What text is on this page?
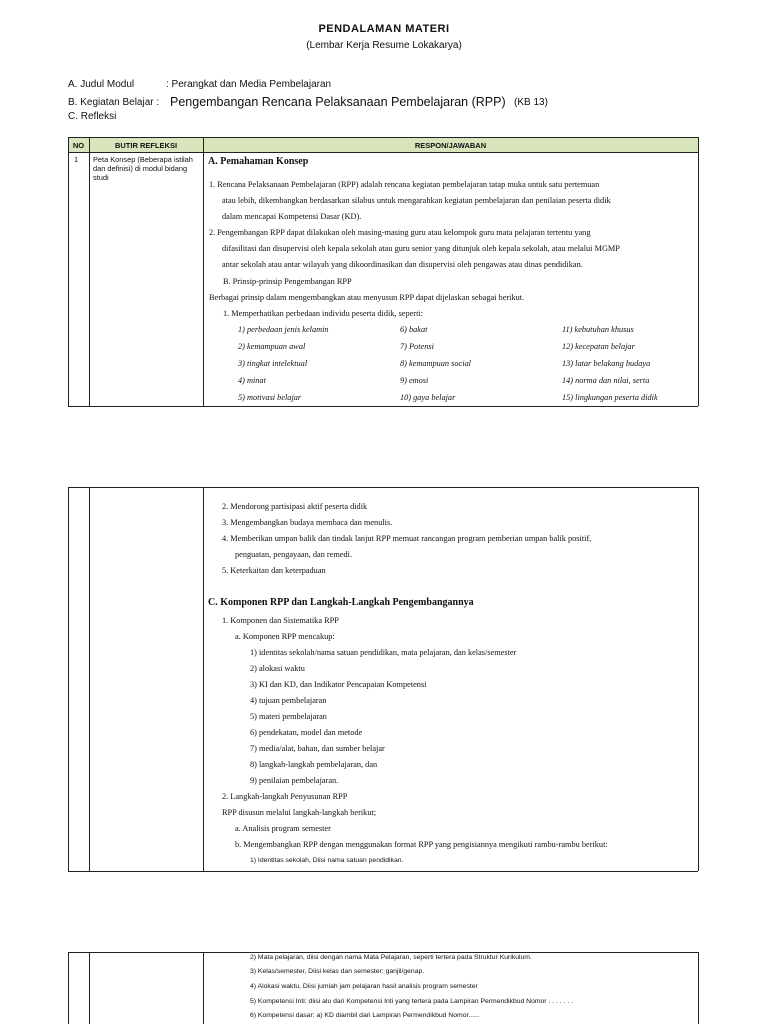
PENDALAMAN MATERI
(Lembar Kerja Resume Lokakarya)
A. Judul Modul	: Perangkat dan Media Pembelajaran
B. Kegiatan Belajar : Pengembangan Rencana Pelaksanaan Pembelajaran (RPP) (KB 13)
C. Refleksi
NO	BUTIR REFLEKSI	RESPON/JAWABAN
1 Peta Konsep (Beberapa istilah dan definisi) di modul bidang studi
A. Pemahaman Konsep
1. Rencana Pelaksanaan Pembelajaran (RPP) adalah rencana kegiatan pembelajaran tatap muka untuk satu pertemuan
atau lebih, dikembangkan berdasarkan silabus untuk mengarahkan kegiatan pembelajaran dan penilaian peserta didik
dalam mencapai Kompetensi Dasar (KD).
2. Pengembangan RPP dapat dilakukan oleh masing-masing guru atau kelompok guru mata pelajaran tertentu yang
difasilitasi dan disupervisi oleh kepala sekolah atau guru senior yang ditunjuk oleh kepala sekolah, atau melalui MGMP
antar sekolah atau antar wilayah yang dikoordinasikan dan disupervisi oleh pengawas atau dinas pendidikan.
B. Prinsip-prinsip Pengembangan RPP
Berbagai prinsip dalam mengembangkan atau menyusun RPP dapat dijelaskan sebagai berikut.
1. Memperhatikan perbedaan individu peserta didik, seperti:
1) perbedaan jenis kelamin	6) bakat	11) kebutuhan khusus
2) kemampuan awal	7) Potensi	12) kecepatan belajar
3) tingkat intelektual	8) kemampuan social	13) latar belakang budaya
4) minat	9) emosi	14) norma dan nilai, serta
5) motivasi belajar	10) gaya belajar	15) lingkungan peserta didik
2. Mendorong partisipasi aktif peserta didik
3. Mengembangkan budaya membaca dan menulis.
4. Memberikan umpan balik dan tindak lanjut RPP memuat rancangan program pemberian umpan balik positif,
penguatan, pengayaan, dan remedi.
5. Keterkaitan dan keterpaduan
C. Komponen RPP dan Langkah-Langkah Pengembangannya
1. Komponen dan Sistematika RPP
a. Komponen RPP mencakup:
1) identitas sekolah/nama satuan pendidikan, mata pelajaran, dan kelas/semester
2) alokasi waktu
3) KI dan KD, dan Indikator Pencapaian Kompetensi
4) tujuan pembelajaran
5) materi pembelajaran
6) pendekatan, model dan metode
7) media/alat, bahan, dan sumber belajar
8) langkah-langkah pembelajaran, dan
9) penilaian pembelajaran.
2. Langkah-langkah Penyusunan RPP
RPP disusun melalui langkah-langkah berikut;
a. Analisis program semester
b. Mengembangkan RPP dengan menggunakan format RPP yang pengisiannya mengikuti rambu-rambu berikut:
1) Identitas sekolah, Diisi nama satuan pendidikan.
2) Mata pelajaran, diisi dengan nama Mata Pelajaran, seperti tertera pada Struktur Kurikulum.
3) Kelas/semester, Diisi kelas dan semester; ganjil/genap.
4) Alokasi waktu, Diisi jumlah jam pelajaran hasil analisis program semester
5) Kompetensi Inti: diisi alu dari Kompetensi Inti yang tertera pada Lampiran Permendikbud Nomor . . . . . . .
6) Kompetensi dasar: a) KD diambil dari Lampiran Permendikbud Nomor......
